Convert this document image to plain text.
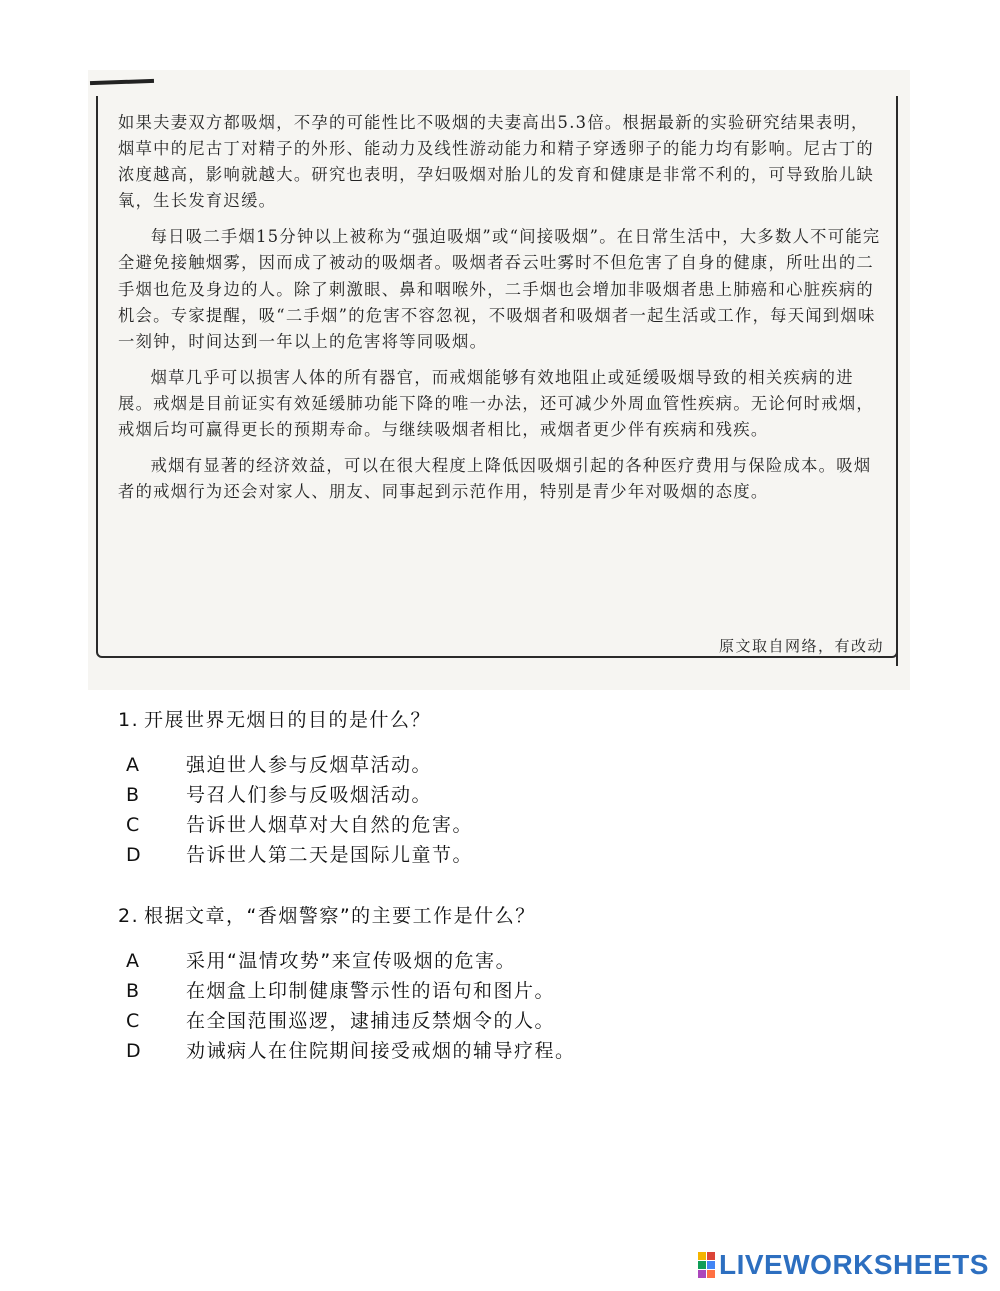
如果夫妻双方都吸烟，不孕的可能性比不吸烟的夫妻高出5.3倍。根据最新的实验研究结果表明，烟草中的尼古丁对精子的外形、能动力及线性游动能力和精子穿透卵子的能力均有影响。尼古丁的浓度越高，影响就越大。研究也表明，孕妇吸烟对胎儿的发育和健康是非常不利的，可导致胎儿缺氧，生长发育迟缓。

每日吸二手烟15分钟以上被称为“强迫吸烟”或“间接吸烟”。在日常生活中，大多数人不可能完全避免接触烟雾，因而成了被动的吸烟者。吸烟者吞云吐雾时不但危害了自身的健康，所吐出的二手烟也危及身边的人。除了刺激眼、鼻和咽喉外，二手烟也会增加非吸烟者患上肺癌和心脏疾病的机会。专家提醒，吸“二手烟”的危害不容忽视，不吸烟者和吸烟者一起生活或工作，每天闻到烟味一刻钟，时间达到一年以上的危害将等同吸烟。

烟草几乎可以损害人体的所有器官，而戒烟能够有效地阻止或延缓吸烟导致的相关疾病的进展。戒烟是目前证实有效延缓肺功能下降的唯一办法，还可减少外周血管性疾病。无论何时戒烟，戒烟后均可赢得更长的预期寿命。与继续吸烟者相比，戒烟者更少伴有疾病和残疾。

戒烟有显著的经济效益，可以在很大程度上降低因吸烟引起的各种医疗费用与保险成本。吸烟者的戒烟行为还会对家人、朋友、同事起到示范作用，特别是青少年对吸烟的态度。

原文取自网络，有改动
1. 开展世界无烟日的目的是什么？
A 强迫世人参与反烟草活动。
B 号召人们参与反吸烟活动。
C 告诉世人烟草对大自然的危害。
D 告诉世人第二天是国际儿童节。
2. 根据文章，“香烟警察”的主要工作是什么？
A 采用“温情攻势”来宣传吸烟的危害。
B 在烟盒上印制健康警示性的语句和图片。
C 在全国范围巡逻，逮捕违反禁烟令的人。
D 劝诫病人在住院期间接受戒烟的辅导疗程。
LIVEWORKSHEETS
